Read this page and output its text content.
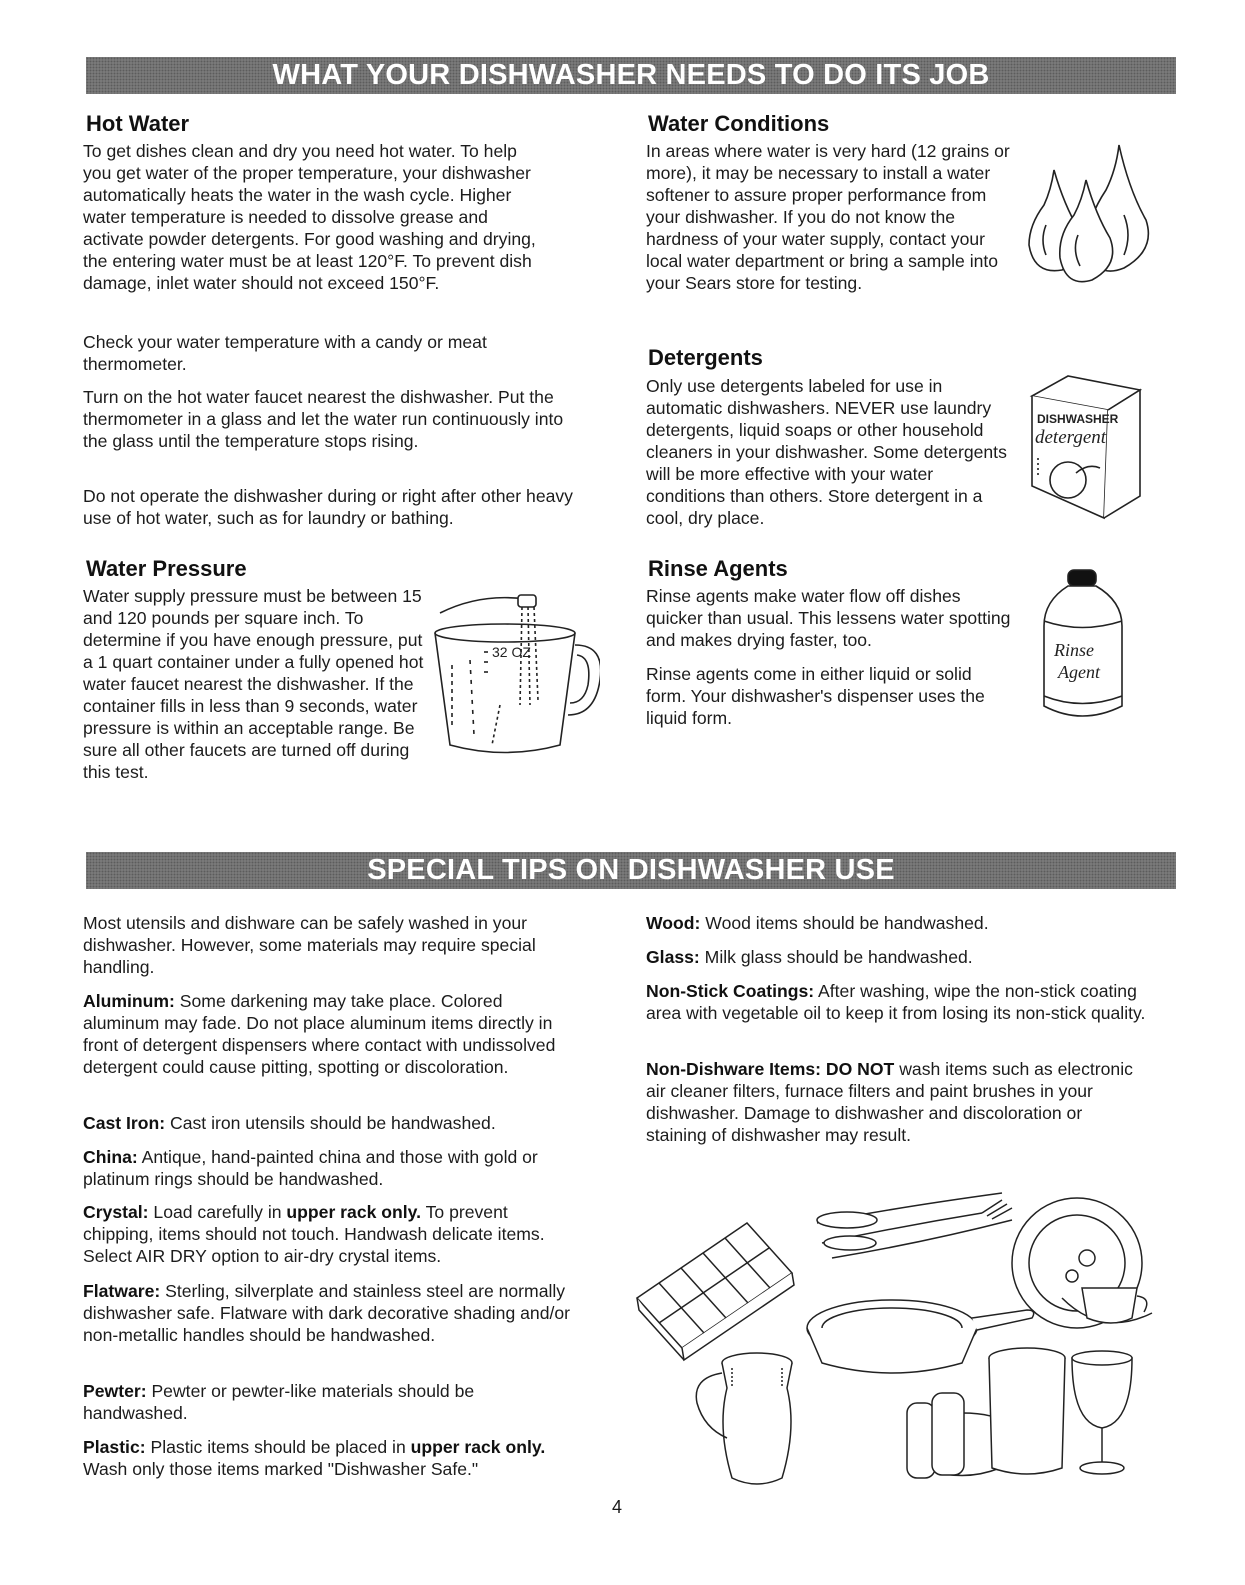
WHAT YOUR DISHWASHER NEEDS TO DO ITS JOB
Hot Water

To get dishes clean and dry you need hot water. To help you get water of the proper temperature, your dishwasher automatically heats the water in the wash cycle. Higher water temperature is needed to dissolve grease and activate powder detergents. For good washing and drying, the entering water must be at least 120°F. To prevent dish damage, inlet water should not exceed 150°F.

Check your water temperature with a candy or meat thermometer.

Turn on the hot water faucet nearest the dishwasher. Put the thermometer in a glass and let the water run continuously into the glass until the temperature stops rising.

Do not operate the dishwasher during or right after other heavy use of hot water, such as for laundry or bathing.

Water Pressure

Water supply pressure must be between 15 and 120 pounds per square inch. To determine if you have enough pressure, put a 1 quart container under a fully opened hot water faucet nearest the dishwasher. If the container fills in less than 9 seconds, water pressure is within an acceptable range. Be sure all other faucets are turned off during this test.

32 OZ
Water Conditions

In areas where water is very hard (12 grains or more), it may be necessary to install a water softener to assure proper performance from your dishwasher. If you do not know the hardness of your water supply, contact your local water department or bring a sample into your Sears store for testing.

Detergents

Only use detergents labeled for use in automatic dishwashers. NEVER use laundry detergents, liquid soaps or other household cleaners in your dishwasher. Some detergents will be more effective with your water conditions than others. Store detergent in a cool, dry place.

DISHWASHER
detergent
Rinse Agents

Rinse agents make water flow off dishes quicker than usual. This lessens water spotting and makes drying faster, too.

Rinse agents come in either liquid or solid form. Your dishwasher's dispenser uses the liquid form.

Rinse
Agent
SPECIAL TIPS ON DISHWASHER USE

Most utensils and dishware can be safely washed in your dishwasher. However, some materials may require special handling.

Aluminum: Some darkening may take place. Colored aluminum may fade. Do not place aluminum items directly in front of detergent dispensers where contact with undissolved detergent could cause pitting, spotting or discoloration.

Cast Iron: Cast iron utensils should be handwashed.

China: Antique, hand-painted china and those with gold or platinum rings should be handwashed.

Crystal: Load carefully in upper rack only. To prevent chipping, items should not touch. Handwash delicate items. Select AIR DRY option to air-dry crystal items.

Flatware: Sterling, silverplate and stainless steel are normally dishwasher safe. Flatware with dark decorative shading and/or non-metallic handles should be handwashed.

Pewter: Pewter or pewter-like materials should be handwashed.

Plastic: Plastic items should be placed in upper rack only. Wash only those items marked "Dishwasher Safe."

Wood: Wood items should be handwashed.

Glass: Milk glass should be handwashed.

Non-Stick Coatings: After washing, wipe the non-stick coating area with vegetable oil to keep it from losing its non-stick quality.

Non-Dishware Items: DO NOT wash items such as electronic air cleaner filters, furnace filters and paint brushes in your dishwasher. Damage to dishwasher and discoloration or staining of dishwasher may result.

4
